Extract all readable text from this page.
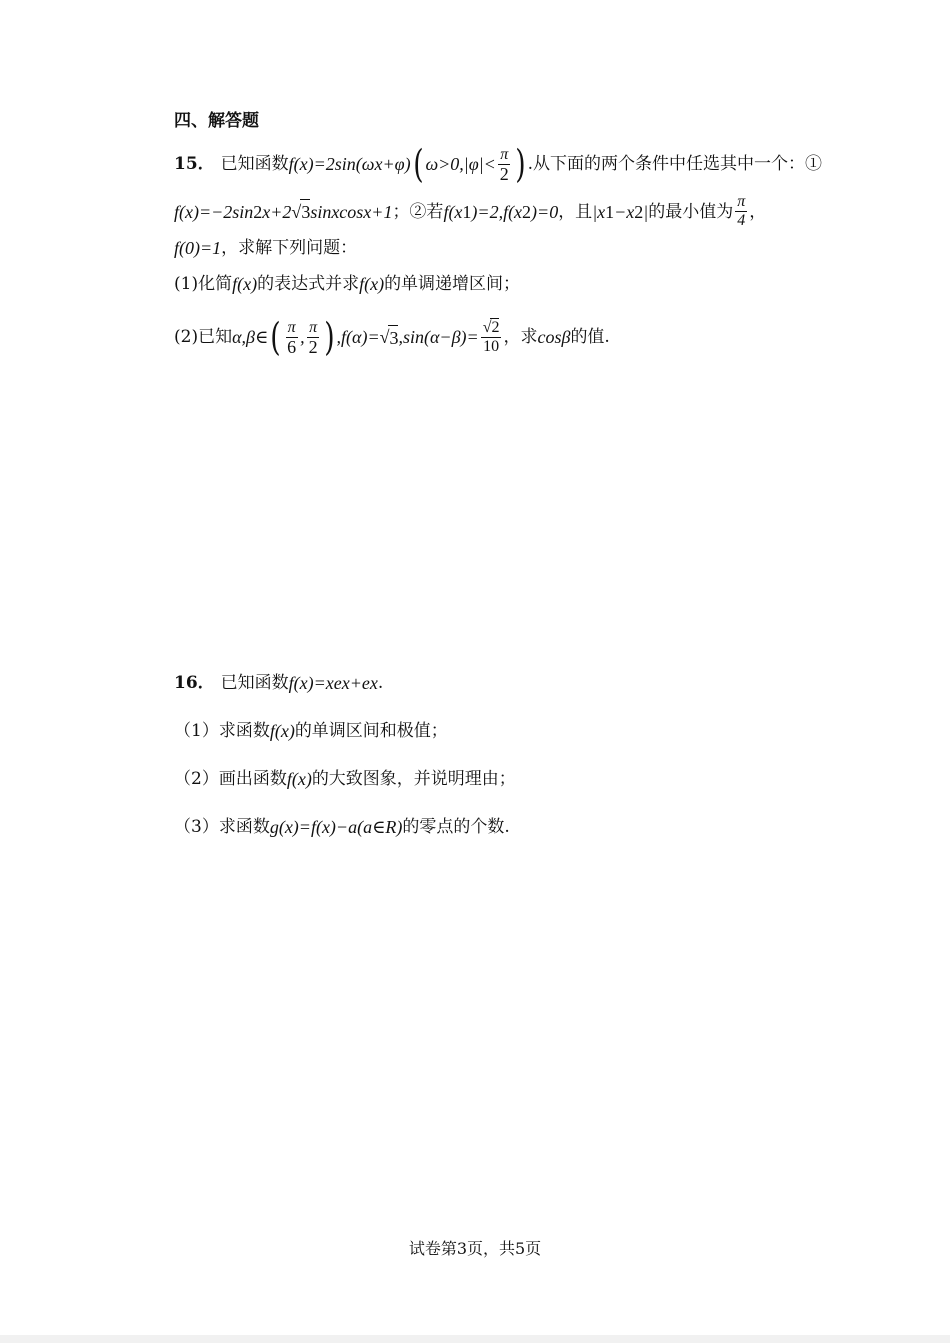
四、解答题
15． 已知函数 f(x) =2sin(ωx+φ) ( $\omega>0,|\varphi|< \frac{\pi}{2}$ ) .从下面的两个条件中任选其中一个：①
f(x)=−2sin 2 x+2 √ 3 sinxcosx+1 ；②若 f(x 1 )=2,f(x 2 )=0 ，且 |x 1 −x 2 | 的最小值为 $\frac{\pi}{4}$ ，
f(0)=1 ，求解下列问题：
(1)化简 f(x) 的表达式并求 f(x) 的单调递增区间；
(2)已知 α,β∈ ( $\frac{\pi}{6}$ , $\frac{\pi}{2}$ ) ,f(α)= √ 3 $,\sin(\alpha-\beta)= \frac{√2}{10}$ ，求 cosβ 的值.
16． 已知函数 f(x)=xe x +e x .
（1）求函数 f(x) 的单调区间和极值；
（2）画出函数 f(x) 的大致图象，并说明理由；
（3）求函数 g(x)=f(x)−a(a∈R) 的零点的个数.
试卷第3页，共5页
